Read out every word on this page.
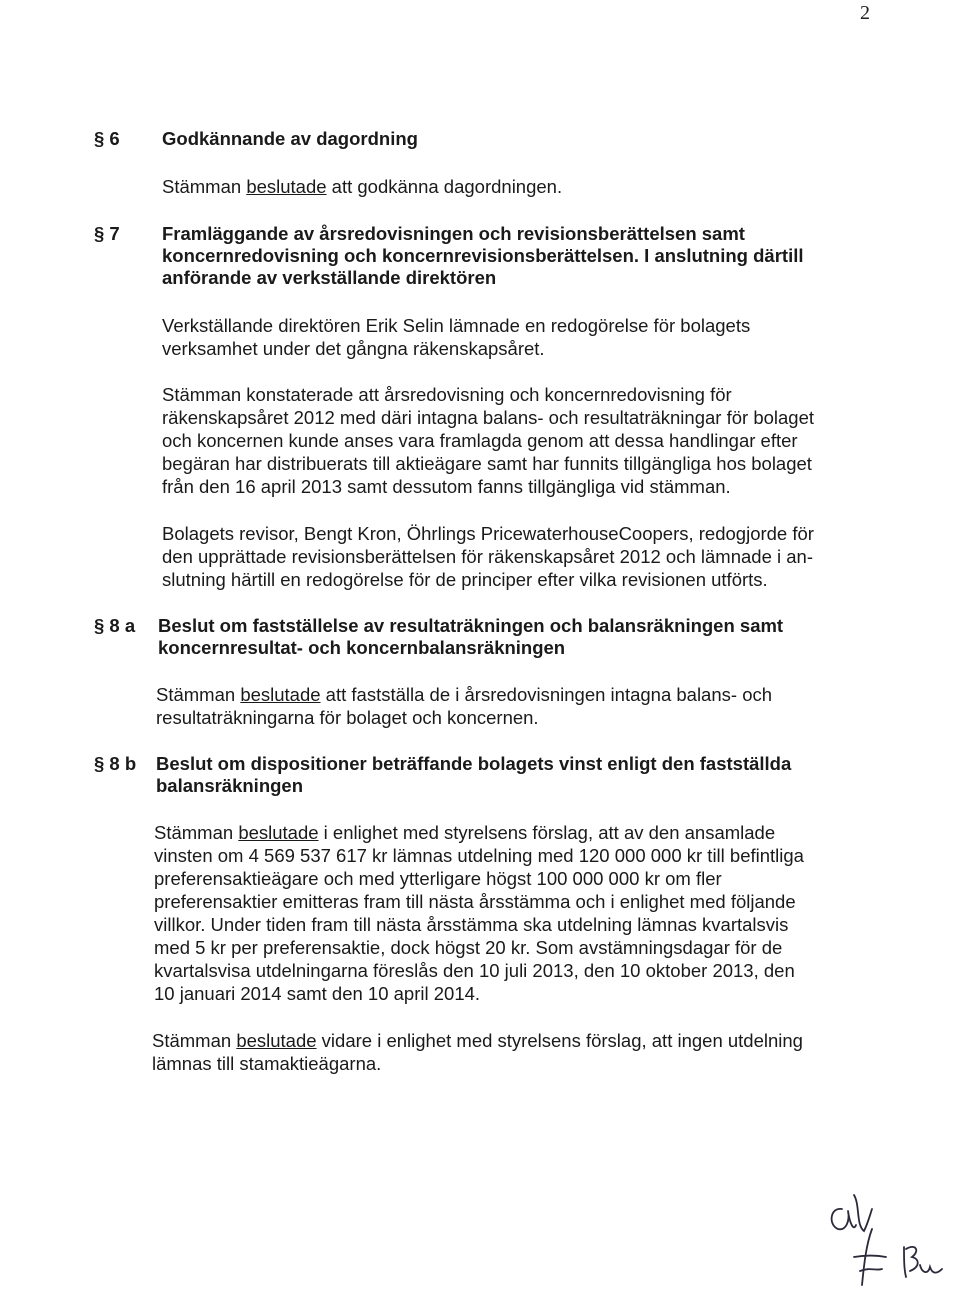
2
§ 6 Godkännande av dagordning
Stämman beslutade att godkänna dagordningen.
§ 7 Framläggande av årsredovisningen och revisionsberättelsen samt
koncernredovisning och koncernrevisionsberättelsen. I anslutning därtill
anförande av verkställande direktören
Verkställande direktören Erik Selin lämnade en redogörelse för bolagets
verksamhet under det gångna räkenskapsåret.
Stämman konstaterade att årsredovisning och koncernredovisning för
räkenskapsåret 2012 med däri intagna balans- och resultaträkningar för bolaget
och koncernen kunde anses vara framlagda genom att dessa handlingar efter
begäran har distribuerats till aktieägare samt har funnits tillgängliga hos bolaget
från den 16 april 2013 samt dessutom fanns tillgängliga vid stämman.
Bolagets revisor, Bengt Kron, Öhrlings PricewaterhouseCoopers, redogjorde för
den upprättade revisionsberättelsen för räkenskapsåret 2012 och lämnade i an-
slutning härtill en redogörelse för de principer efter vilka revisionen utförts.
§ 8 a Beslut om fastställelse av resultaträkningen och balansräkningen samt
koncernresultat- och koncernbalansräkningen
Stämman beslutade att fastställa de i årsredovisningen intagna balans- och
resultaträkningarna för bolaget och koncernen.
§ 8 b Beslut om dispositioner beträffande bolagets vinst enligt den fastställda
balansräkningen
Stämman beslutade i enlighet med styrelsens förslag, att av den ansamlade
vinsten om 4 569 537 617 kr lämnas utdelning med 120 000 000 kr till befintliga
preferensaktieägare och med ytterligare högst 100 000 000 kr om fler
preferensaktier emitteras fram till nästa årsstämma och i enlighet med följande
villkor. Under tiden fram till nästa årsstämma ska utdelning lämnas kvartalsvis
med 5 kr per preferensaktie, dock högst 20 kr. Som avstämningsdagar för de
kvartalsvisa utdelningarna föreslås den 10 juli 2013, den 10 oktober 2013, den
10 januari 2014 samt den 10 april 2014.
Stämman beslutade vidare i enlighet med styrelsens förslag, att ingen utdelning
lämnas till stamaktieägarna.
